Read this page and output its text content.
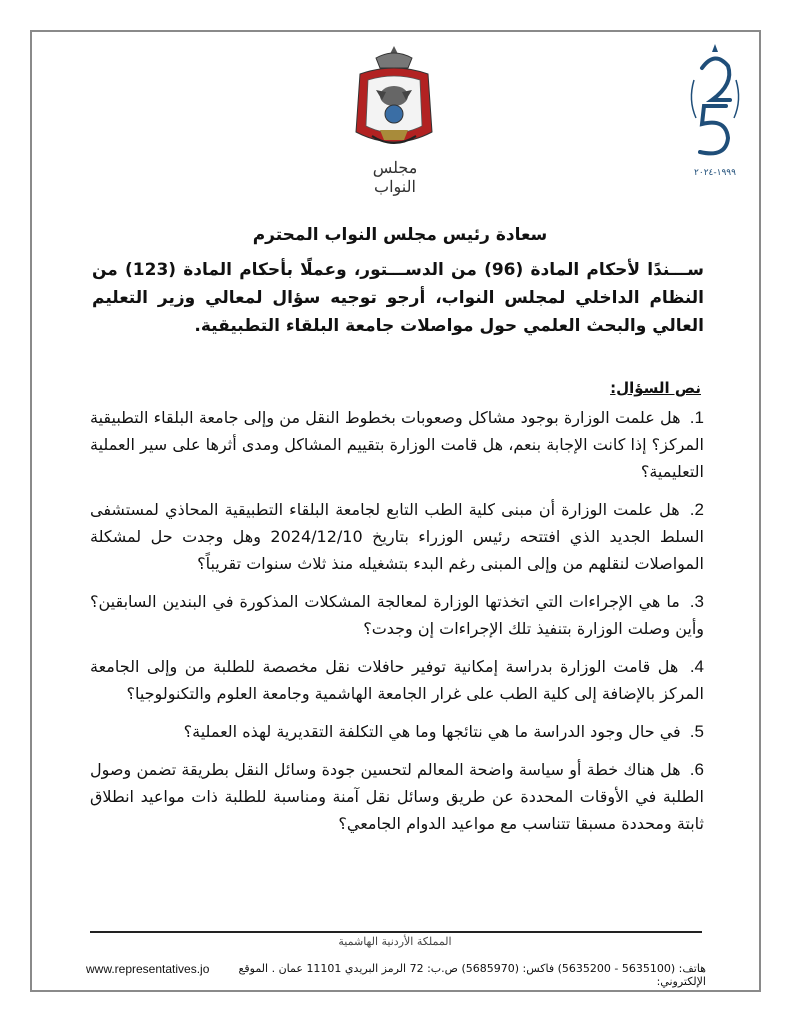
مجلس النواب
١٩٩٩-٢٠٢٤
سعادة رئيس مجلس النواب المحترم
ســـندًا لأحكام المادة (96) من الدســـتور، وعملًا بأحكام المادة (123) من النظام الداخلي لمجلس النواب، أرجو توجيه سؤال لمعالي وزير التعليم العالي والبحث العلمي حول مواصلات جامعة البلقاء التطبيقية.
نص السؤال:

1. هل علمت الوزارة بوجود مشاكل وصعوبات بخطوط النقل من وإلى جامعة البلقاء التطبيقية المركز؟ إذا كانت الإجابة بنعم، هل قامت الوزارة بتقييم المشاكل ومدى أثرها على سير العملية التعليمية؟

2. هل علمت الوزارة أن مبنى كلية الطب التابع لجامعة البلقاء التطبيقية المحاذي لمستشفى السلط الجديد الذي افتتحه رئيس الوزراء بتاريخ 2024/12/10 وهل وجدت حل لمشكلة المواصلات لنقلهم من وإلى المبنى رغم البدء بتشغيله منذ ثلاث سنوات تقريباً؟

3. ما هي الإجراءات التي اتخذتها الوزارة لمعالجة المشكلات المذكورة في البندين السابقين؟ وأين وصلت الوزارة بتنفيذ تلك الإجراءات إن وجدت؟

4. هل قامت الوزارة بدراسة إمكانية توفير حافلات نقل مخصصة للطلبة من وإلى الجامعة المركز بالإضافة إلى كلية الطب على غرار الجامعة الهاشمية وجامعة العلوم والتكنولوجيا؟

5. في حال وجود الدراسة ما هي نتائجها وما هي التكلفة التقديرية لهذه العملية؟

6. هل هناك خطة أو سياسة واضحة المعالم لتحسين جودة وسائل النقل بطريقة تضمن وصول الطلبة في الأوقات المحددة عن طريق وسائل نقل آمنة ومناسبة للطلبة ذات مواعيد انطلاق ثابتة ومحددة مسبقا تتناسب مع مواعيد الدوام الجامعي؟

المملكة الأردنية الهاشمية
www.representatives.jo	هاتف: (5635100 - 5635200) فاكس: (5685970) ص.ب: 72 الرمز البريدي 11101 عمان . الموقع الإلكتروني:
